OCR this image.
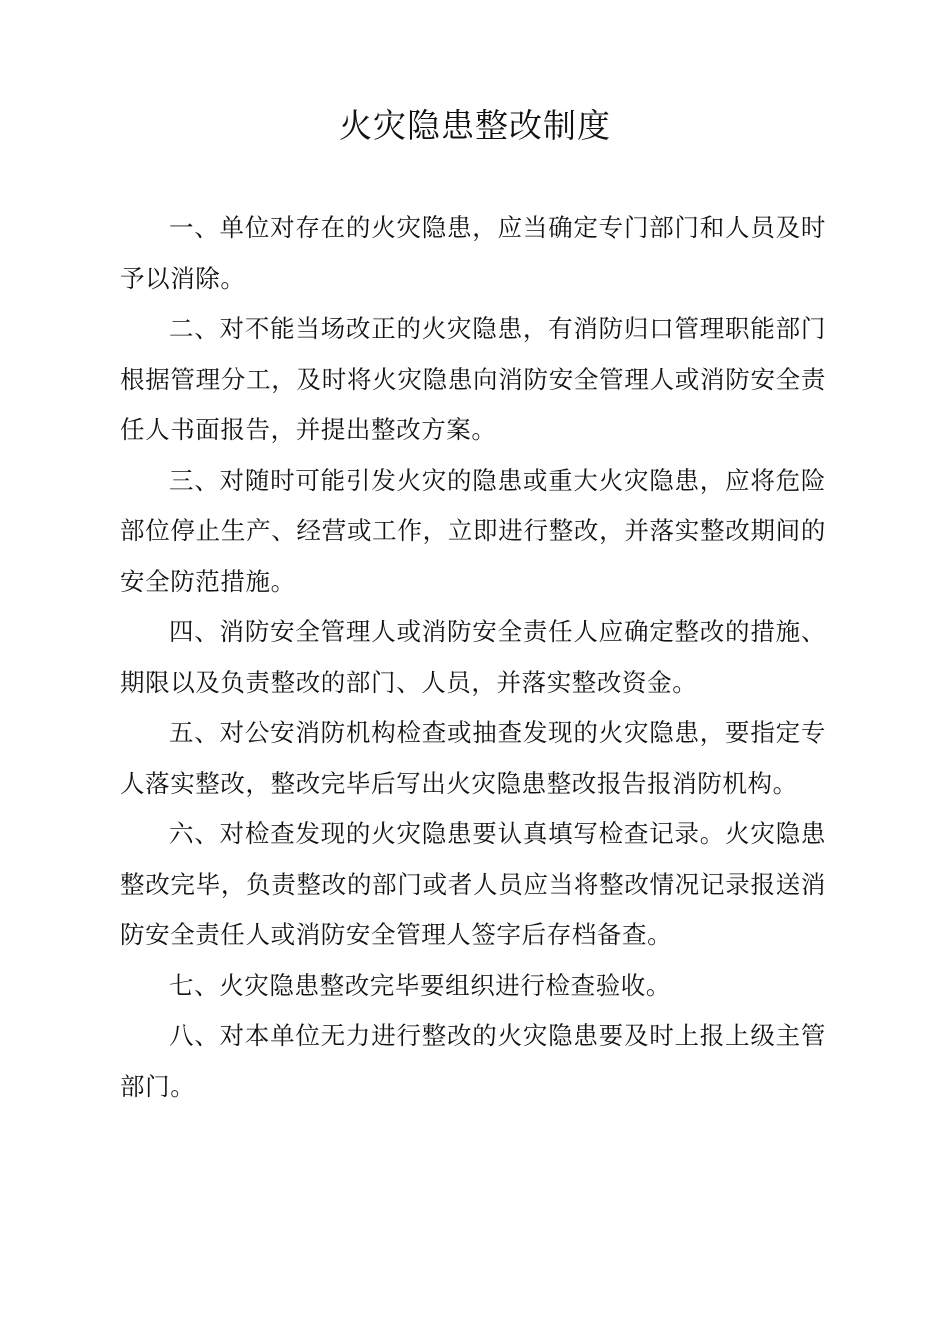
火灾隐患整改制度

一、单位对存在的火灾隐患，应当确定专门部门和人员及时予以消除。

二、对不能当场改正的火灾隐患，有消防归口管理职能部门根据管理分工，及时将火灾隐患向消防安全管理人或消防安全责任人书面报告，并提出整改方案。

三、对随时可能引发火灾的隐患或重大火灾隐患，应将危险部位停止生产、经营或工作，立即进行整改，并落实整改期间的安全防范措施。

四、消防安全管理人或消防安全责任人应确定整改的措施、期限以及负责整改的部门、人员，并落实整改资金。

五、对公安消防机构检查或抽查发现的火灾隐患，要指定专人落实整改，整改完毕后写出火灾隐患整改报告报消防机构。

六、对检查发现的火灾隐患要认真填写检查记录。火灾隐患整改完毕，负责整改的部门或者人员应当将整改情况记录报送消防安全责任人或消防安全管理人签字后存档备查。

七、火灾隐患整改完毕要组织进行检查验收。

八、对本单位无力进行整改的火灾隐患要及时上报上级主管部门。
